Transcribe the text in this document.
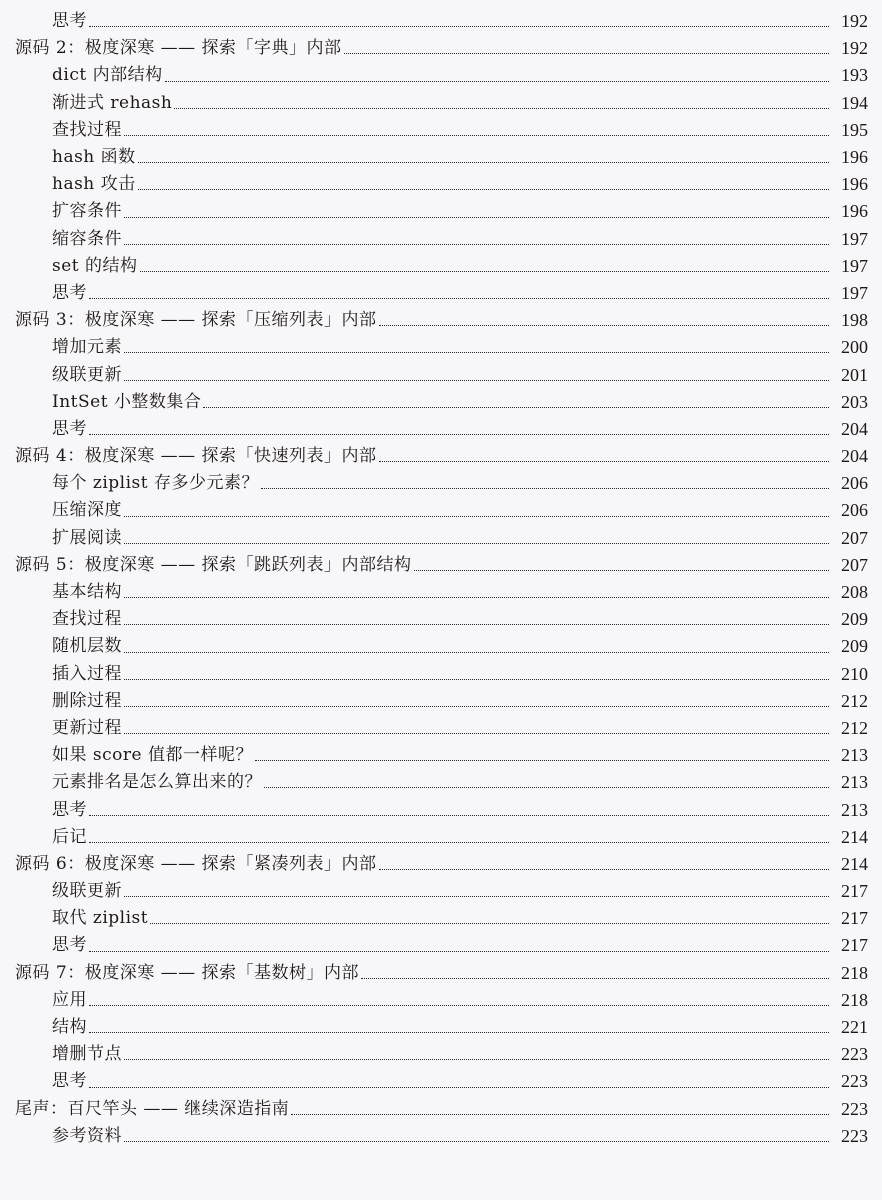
思考	192
源码 2：极度深寒 —— 探索「字典」内部	192
dict 内部结构	193
渐进式 rehash	194
查找过程	195
hash 函数	196
hash 攻击	196
扩容条件	196
缩容条件	197
set 的结构	197
思考	197
源码 3：极度深寒 —— 探索「压缩列表」内部	198
增加元素	200
级联更新	201
IntSet 小整数集合	203
思考	204
源码 4：极度深寒 —— 探索「快速列表」内部	204
每个 ziplist 存多少元素？	206
压缩深度	206
扩展阅读	207
源码 5：极度深寒 —— 探索「跳跃列表」内部结构	207
基本结构	208
查找过程	209
随机层数	209
插入过程	210
删除过程	212
更新过程	212
如果 score 值都一样呢？	213
元素排名是怎么算出来的？	213
思考	213
后记	214
源码 6：极度深寒 —— 探索「紧凑列表」内部	214
级联更新	217
取代 ziplist	217
思考	217
源码 7：极度深寒 —— 探索「基数树」内部	218
应用	218
结构	221
增删节点	223
思考	223
尾声：百尺竿头 —— 继续深造指南	223
参考资料	223
